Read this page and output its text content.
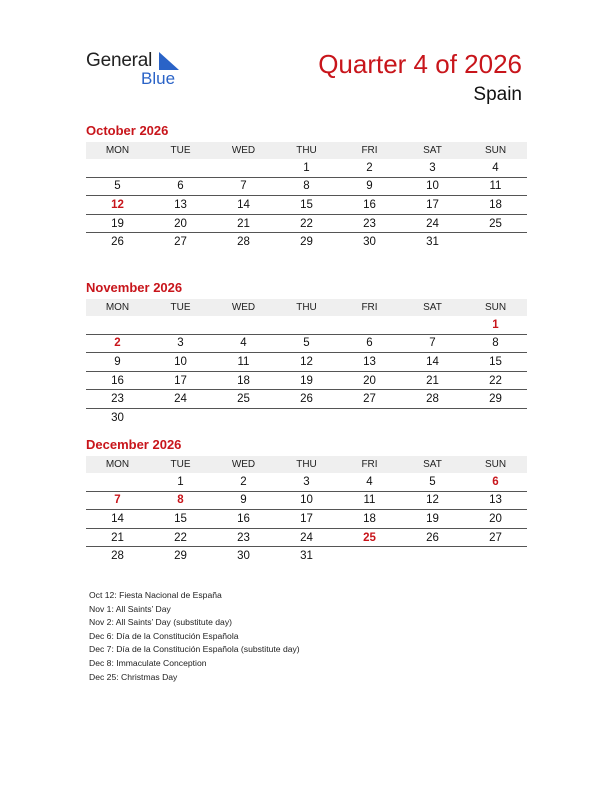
General
Blue	Quarter 4 of 2026
Spain
October 2026
MON	TUE	WED	THU	FRI	SAT	SUN
			1	2	3	4
5	6	7	8	9	10	11
12	13	14	15	16	17	18
19	20	21	22	23	24	25
26	27	28	29	30	31	
November 2026
MON	TUE	WED	THU	FRI	SAT	SUN
						1
2	3	4	5	6	7	8
9	10	11	12	13	14	15
16	17	18	19	20	21	22
23	24	25	26	27	28	29
30						
December 2026
MON	TUE	WED	THU	FRI	SAT	SUN
	1	2	3	4	5	6
7	8	9	10	11	12	13
14	15	16	17	18	19	20
21	22	23	24	25	26	27
28	29	30	31			
Oct 12: Fiesta Nacional de España
Nov 1: All Saints’ Day
Nov 2: All Saints’ Day (substitute day)
Dec 6: Día de la Constitución Española
Dec 7: Día de la Constitución Española (substitute day)
Dec 8: Immaculate Conception
Dec 25: Christmas Day
